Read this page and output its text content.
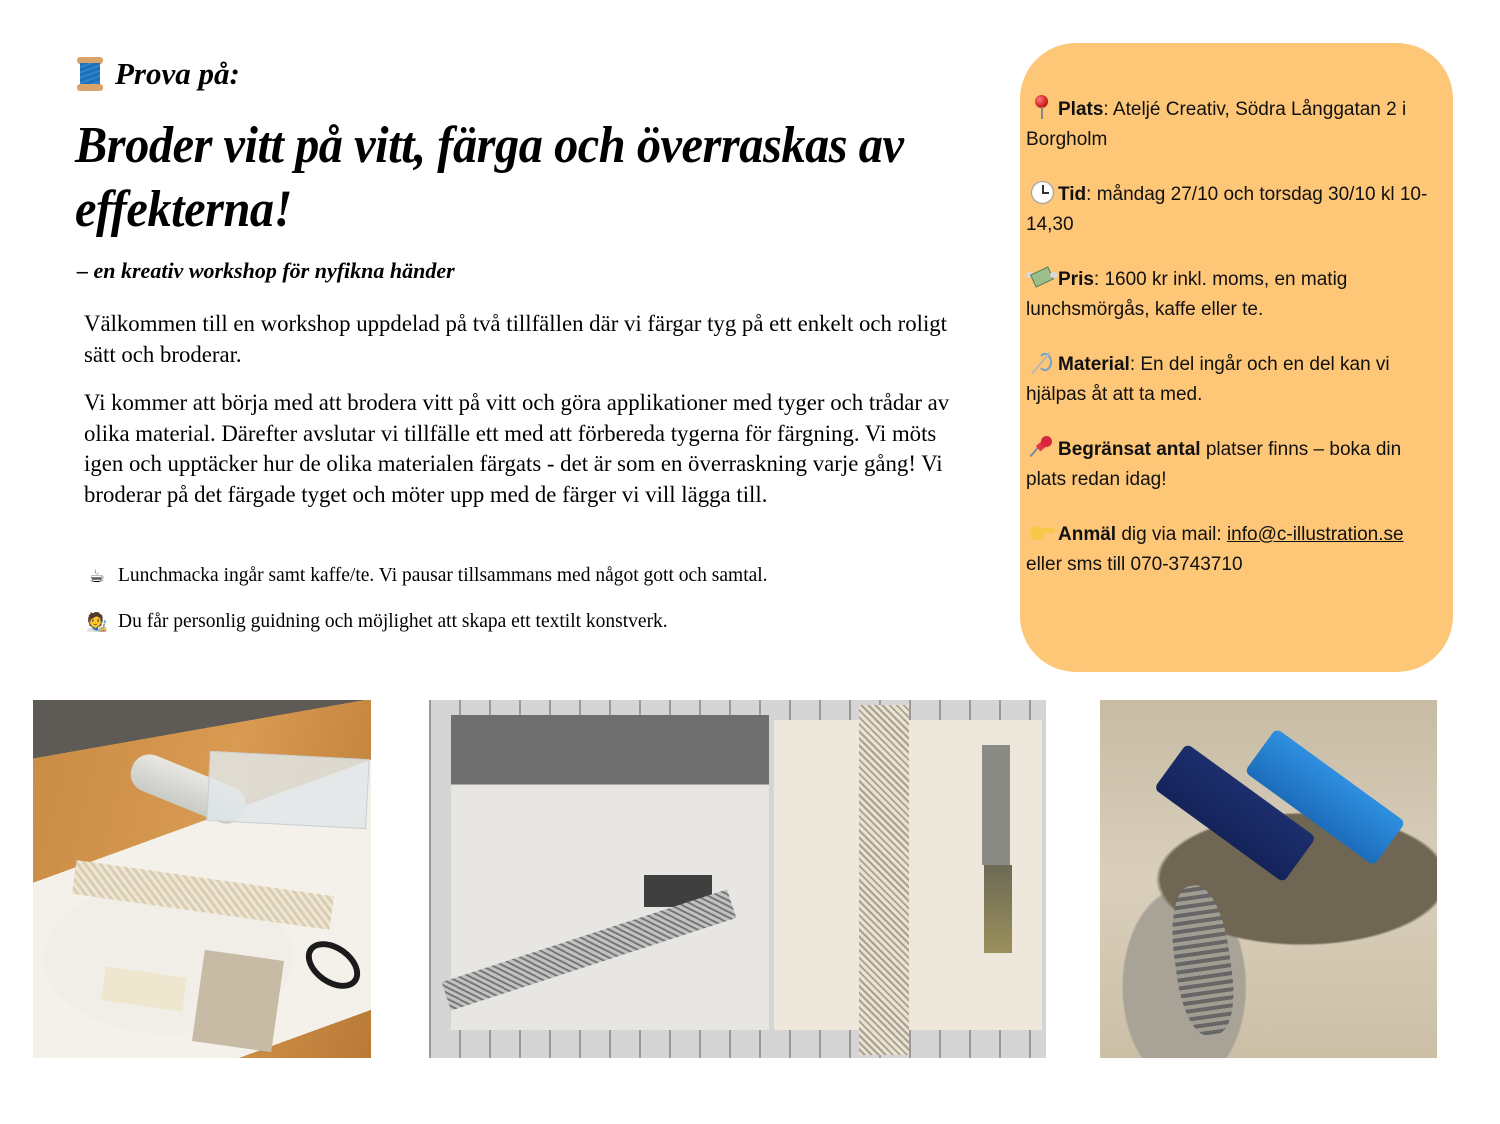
Prova på:
Broder vitt på vitt, färga och överraskas av effekterna!
– en kreativ workshop för nyfikna händer

Välkommen till en workshop uppdelad på två tillfällen där vi färgar tyg på ett enkelt och roligt sätt och broderar.

Vi kommer att börja med att brodera vitt på vitt och göra applikationer med tyger och trådar av olika material. Därefter avslutar vi tillfälle ett med att förbereda tygerna för färgning. Vi möts igen och upptäcker hur de olika materialen färgats - det är som en överraskning varje gång! Vi broderar på det färgade tyget och möter upp med de färger vi vill lägga till.

☕ Lunchmacka ingår samt kaffe/te. Vi pausar tillsammans med något gott och samtal.
🧑‍🎨 Du får personlig guidning och möjlighet att skapa ett textilt konstverk.
Plats: Ateljé Creativ, Södra Långgatan 2 i Borgholm
Tid: måndag 27/10 och torsdag 30/10 kl 10-14,30
Pris: 1600 kr inkl. moms, en matig lunchsmörgås, kaffe eller te.
Material: En del ingår och en del kan vi hjälpas åt att ta med.
Begränsat antal platser finns – boka din plats redan idag!
Anmäl dig via mail: info@c-illustration.se eller sms till 070-3743710
